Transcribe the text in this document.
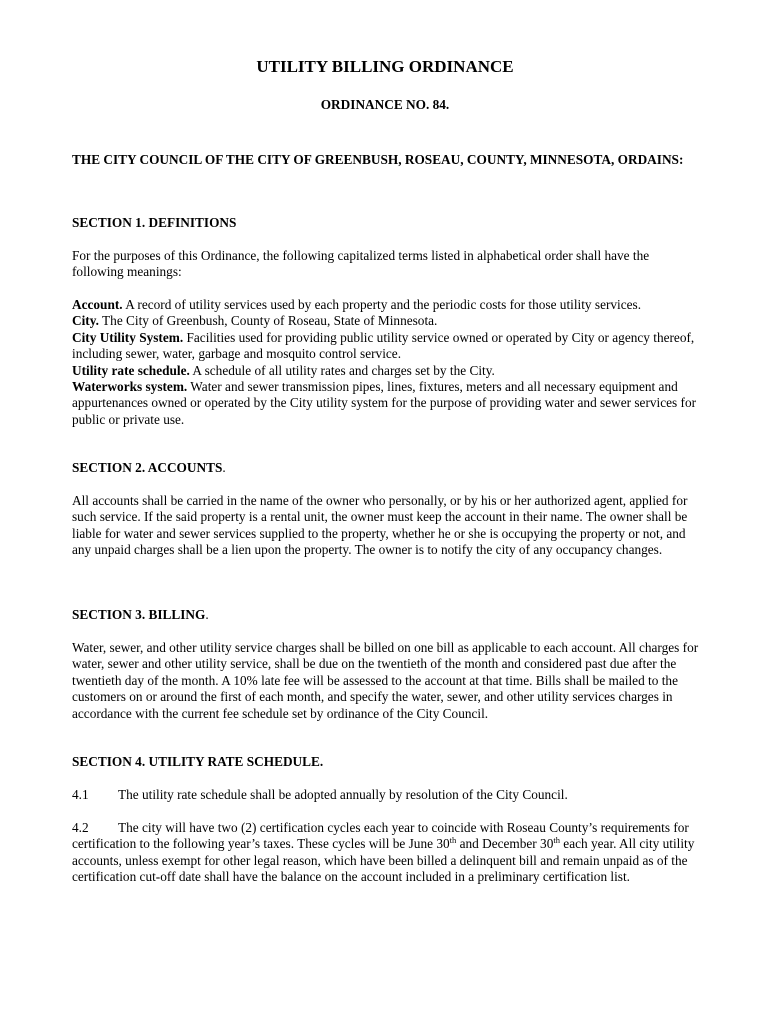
UTILITY BILLING ORDINANCE
ORDINANCE NO. 84.
THE CITY COUNCIL OF THE CITY OF GREENBUSH, ROSEAU, COUNTY, MINNESOTA, ORDAINS:
SECTION 1. DEFINITIONS
For the purposes of this Ordinance, the following capitalized terms listed in alphabetical order shall have the following meanings:
Account. A record of utility services used by each property and the periodic costs for those utility services.
City. The City of Greenbush, County of Roseau, State of Minnesota.
City Utility System. Facilities used for providing public utility service owned or operated by City or agency thereof, including sewer, water, garbage and mosquito control service.
Utility rate schedule. A schedule of all utility rates and charges set by the City.
Waterworks system. Water and sewer transmission pipes, lines, fixtures, meters and all necessary equipment and appurtenances owned or operated by the City utility system for the purpose of providing water and sewer services for public or private use.
SECTION 2. ACCOUNTS.
All accounts shall be carried in the name of the owner who personally, or by his or her authorized agent, applied for such service. If the said property is a rental unit, the owner must keep the account in their name. The owner shall be liable for water and sewer services supplied to the property, whether he or she is occupying the property or not, and any unpaid charges shall be a lien upon the property. The owner is to notify the city of any occupancy changes.
SECTION 3. BILLING.
Water, sewer, and other utility service charges shall be billed on one bill as applicable to each account. All charges for water, sewer and other utility service, shall be due on the twentieth of the month and considered past due after the twentieth day of the month. A 10% late fee will be assessed to the account at that time. Bills shall be mailed to the customers on or around the first of each month, and specify the water, sewer, and other utility services charges in accordance with the current fee schedule set by ordinance of the City Council.
SECTION 4. UTILITY RATE SCHEDULE.
4.1 The utility rate schedule shall be adopted annually by resolution of the City Council.
4.2 The city will have two (2) certification cycles each year to coincide with Roseau County’s requirements for certification to the following year’s taxes. These cycles will be June 30th and December 30th each year. All city utility accounts, unless exempt for other legal reason, which have been billed a delinquent bill and remain unpaid as of the certification cut-off date shall have the balance on the account included in a preliminary certification list.
